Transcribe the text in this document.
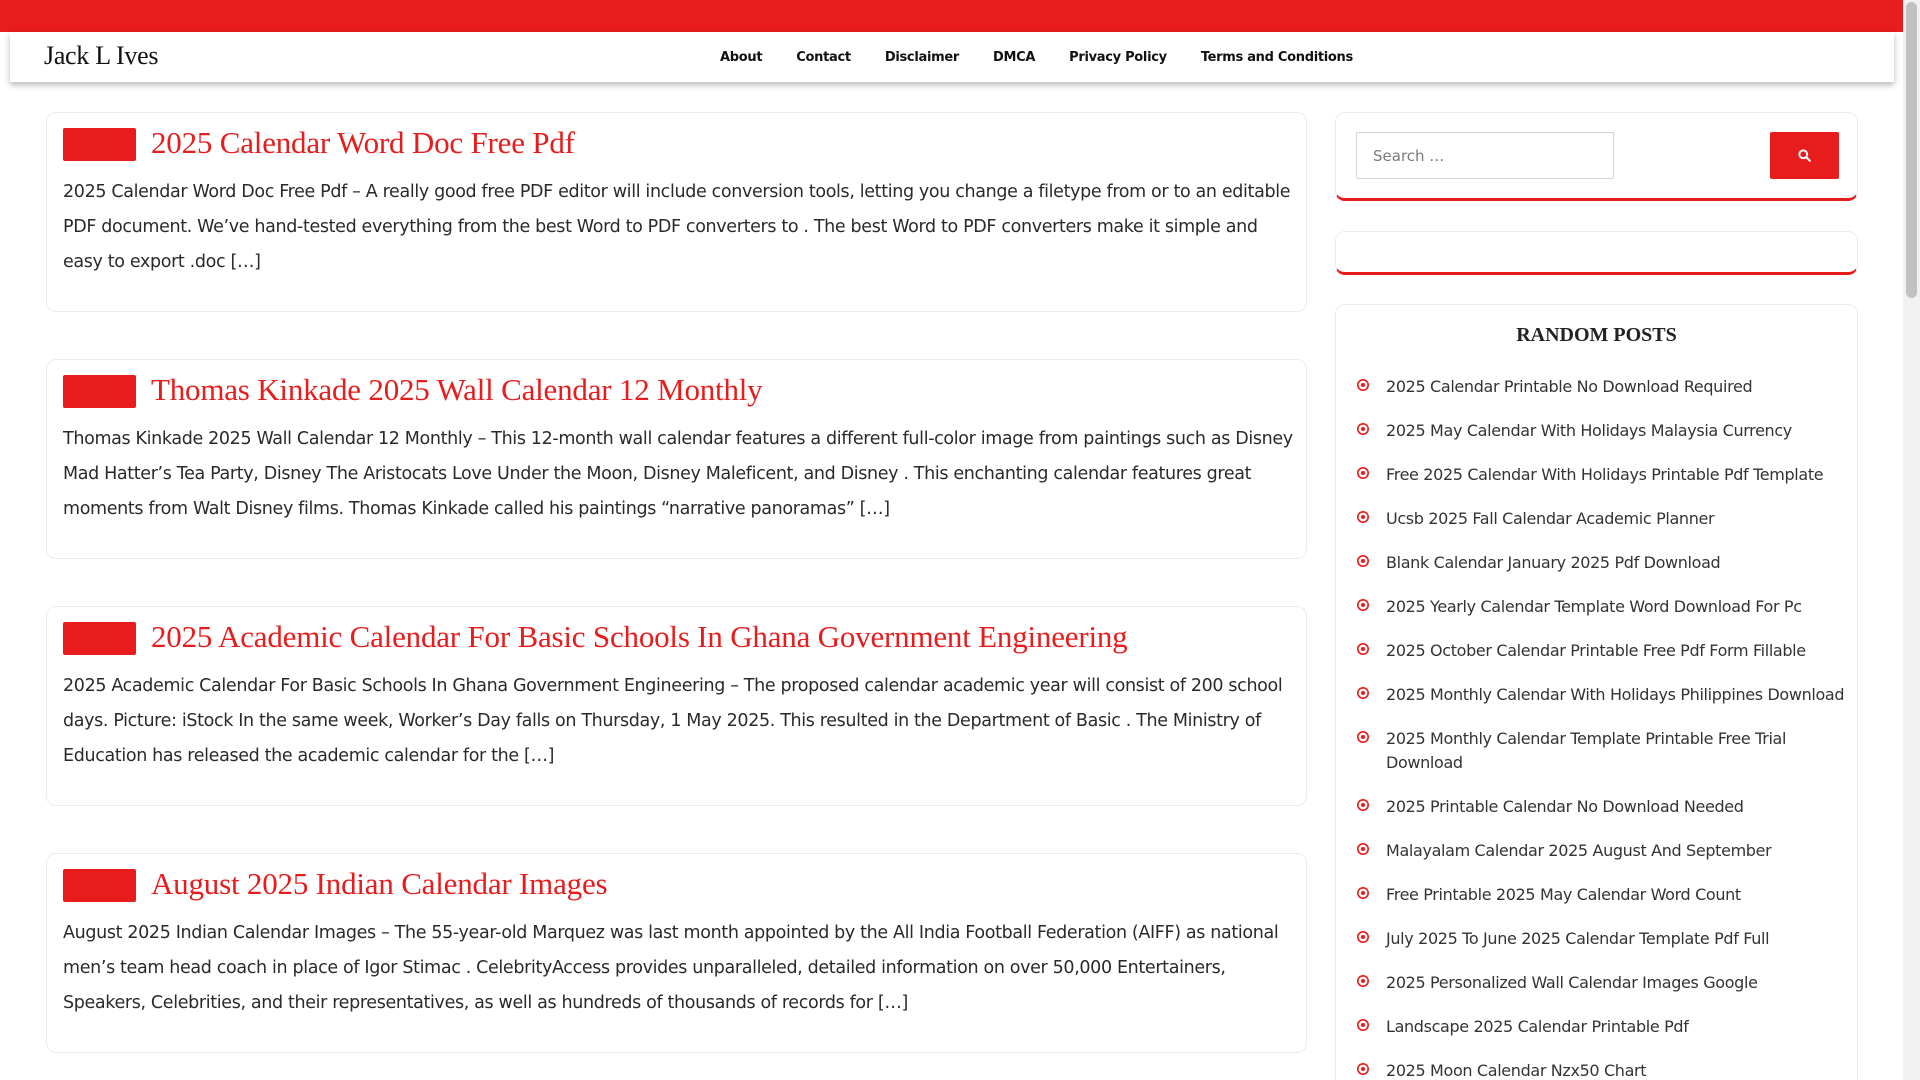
Jack L Ives	About	Contact	Disclaimer	DMCA	Privacy Policy	Terms and Conditions
2025 Calendar Word Doc Free Pdf

2025 Calendar Word Doc Free Pdf – A really good free PDF editor will include conversion tools, letting you change a filetype from or to an editable PDF document. We’ve hand-tested everything from the best Word to PDF converters to . The best Word to PDF converters make it simple and easy to export .doc […]

Thomas Kinkade 2025 Wall Calendar 12 Monthly

Thomas Kinkade 2025 Wall Calendar 12 Monthly – This 12-month wall calendar features a different full-color image from paintings such as Disney Mad Hatter’s Tea Party, Disney The Aristocats Love Under the Moon, Disney Maleficent, and Disney . This enchanting calendar features great moments from Walt Disney films. Thomas Kinkade called his paintings “narrative panoramas” […]

2025 Academic Calendar For Basic Schools In Ghana Government Engineering

2025 Academic Calendar For Basic Schools In Ghana Government Engineering – The proposed calendar academic year will consist of 200 school days. Picture: iStock In the same week, Worker’s Day falls on Thursday, 1 May 2025. This resulted in the Department of Basic . The Ministry of Education has released the academic calendar for the […]

August 2025 Indian Calendar Images

August 2025 Indian Calendar Images – The 55-year-old Marquez was last month appointed by the All India Football Federation (AIFF) as national men’s team head coach in place of Igor Stimac . CelebrityAccess provides unparalleled, detailed information on over 50,000 Entertainers, Speakers, Celebrities, and their representatives, as well as hundreds of thousands of records for […]

Search …
RANDOM POSTS
2025 Calendar Printable No Download Required
2025 May Calendar With Holidays Malaysia Currency
Free 2025 Calendar With Holidays Printable Pdf Template
Ucsb 2025 Fall Calendar Academic Planner
Blank Calendar January 2025 Pdf Download
2025 Yearly Calendar Template Word Download For Pc
2025 October Calendar Printable Free Pdf Form Fillable
2025 Monthly Calendar With Holidays Philippines Download
2025 Monthly Calendar Template Printable Free Trial Download
2025 Printable Calendar No Download Needed
Malayalam Calendar 2025 August And September
Free Printable 2025 May Calendar Word Count
July 2025 To June 2025 Calendar Template Pdf Full
2025 Personalized Wall Calendar Images Google
Landscape 2025 Calendar Printable Pdf
2025 Moon Calendar Nzx50 Chart
